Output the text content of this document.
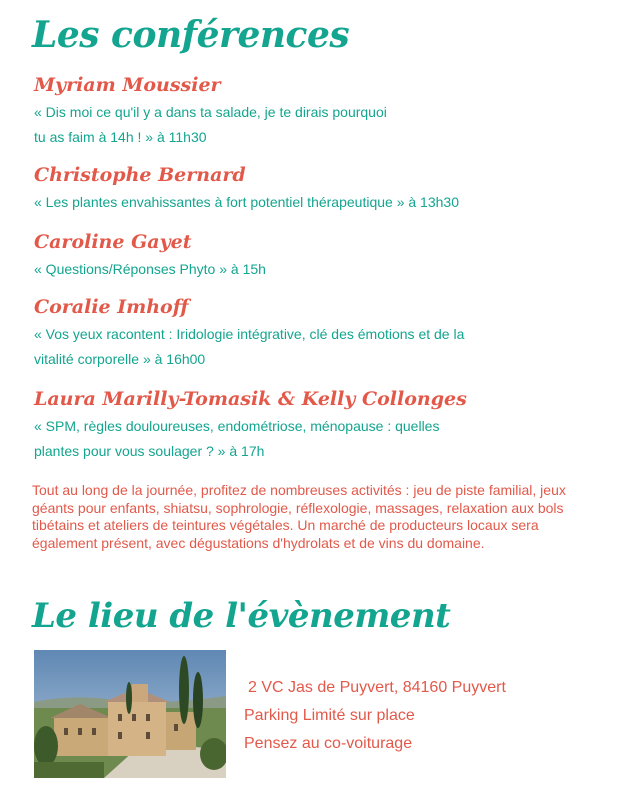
Les conférences
Myriam Moussier
« Dis moi ce qu'il y a dans ta salade, je te dirais pourquoi
tu as faim à 14h ! » à 11h30
Christophe Bernard
« Les plantes envahissantes à fort potentiel thérapeutique » à 13h30
Caroline Gayet
« Questions/Réponses Phyto » à 15h
Coralie Imhoff
« Vos yeux racontent : Iridologie intégrative, clé des émotions et de la
vitalité corporelle » à 16h00
Laura Marilly-Tomasik & Kelly Collonges
« SPM, règles douloureuses, endométriose, ménopause : quelles
plantes pour vous soulager ? » à 17h
Tout au long de la journée, profitez de nombreuses activités : jeu de piste familial, jeux géants pour enfants, shiatsu, sophrologie, réflexologie, massages, relaxation aux bols tibétains et ateliers de teintures végétales. Un marché de producteurs locaux sera également présent, avec dégustations d'hydrolats et de vins du domaine.
Le lieu de l'évènement
2 VC Jas de Puyvert, 84160 Puyvert
Parking Limité sur place
Pensez au co-voiturage
